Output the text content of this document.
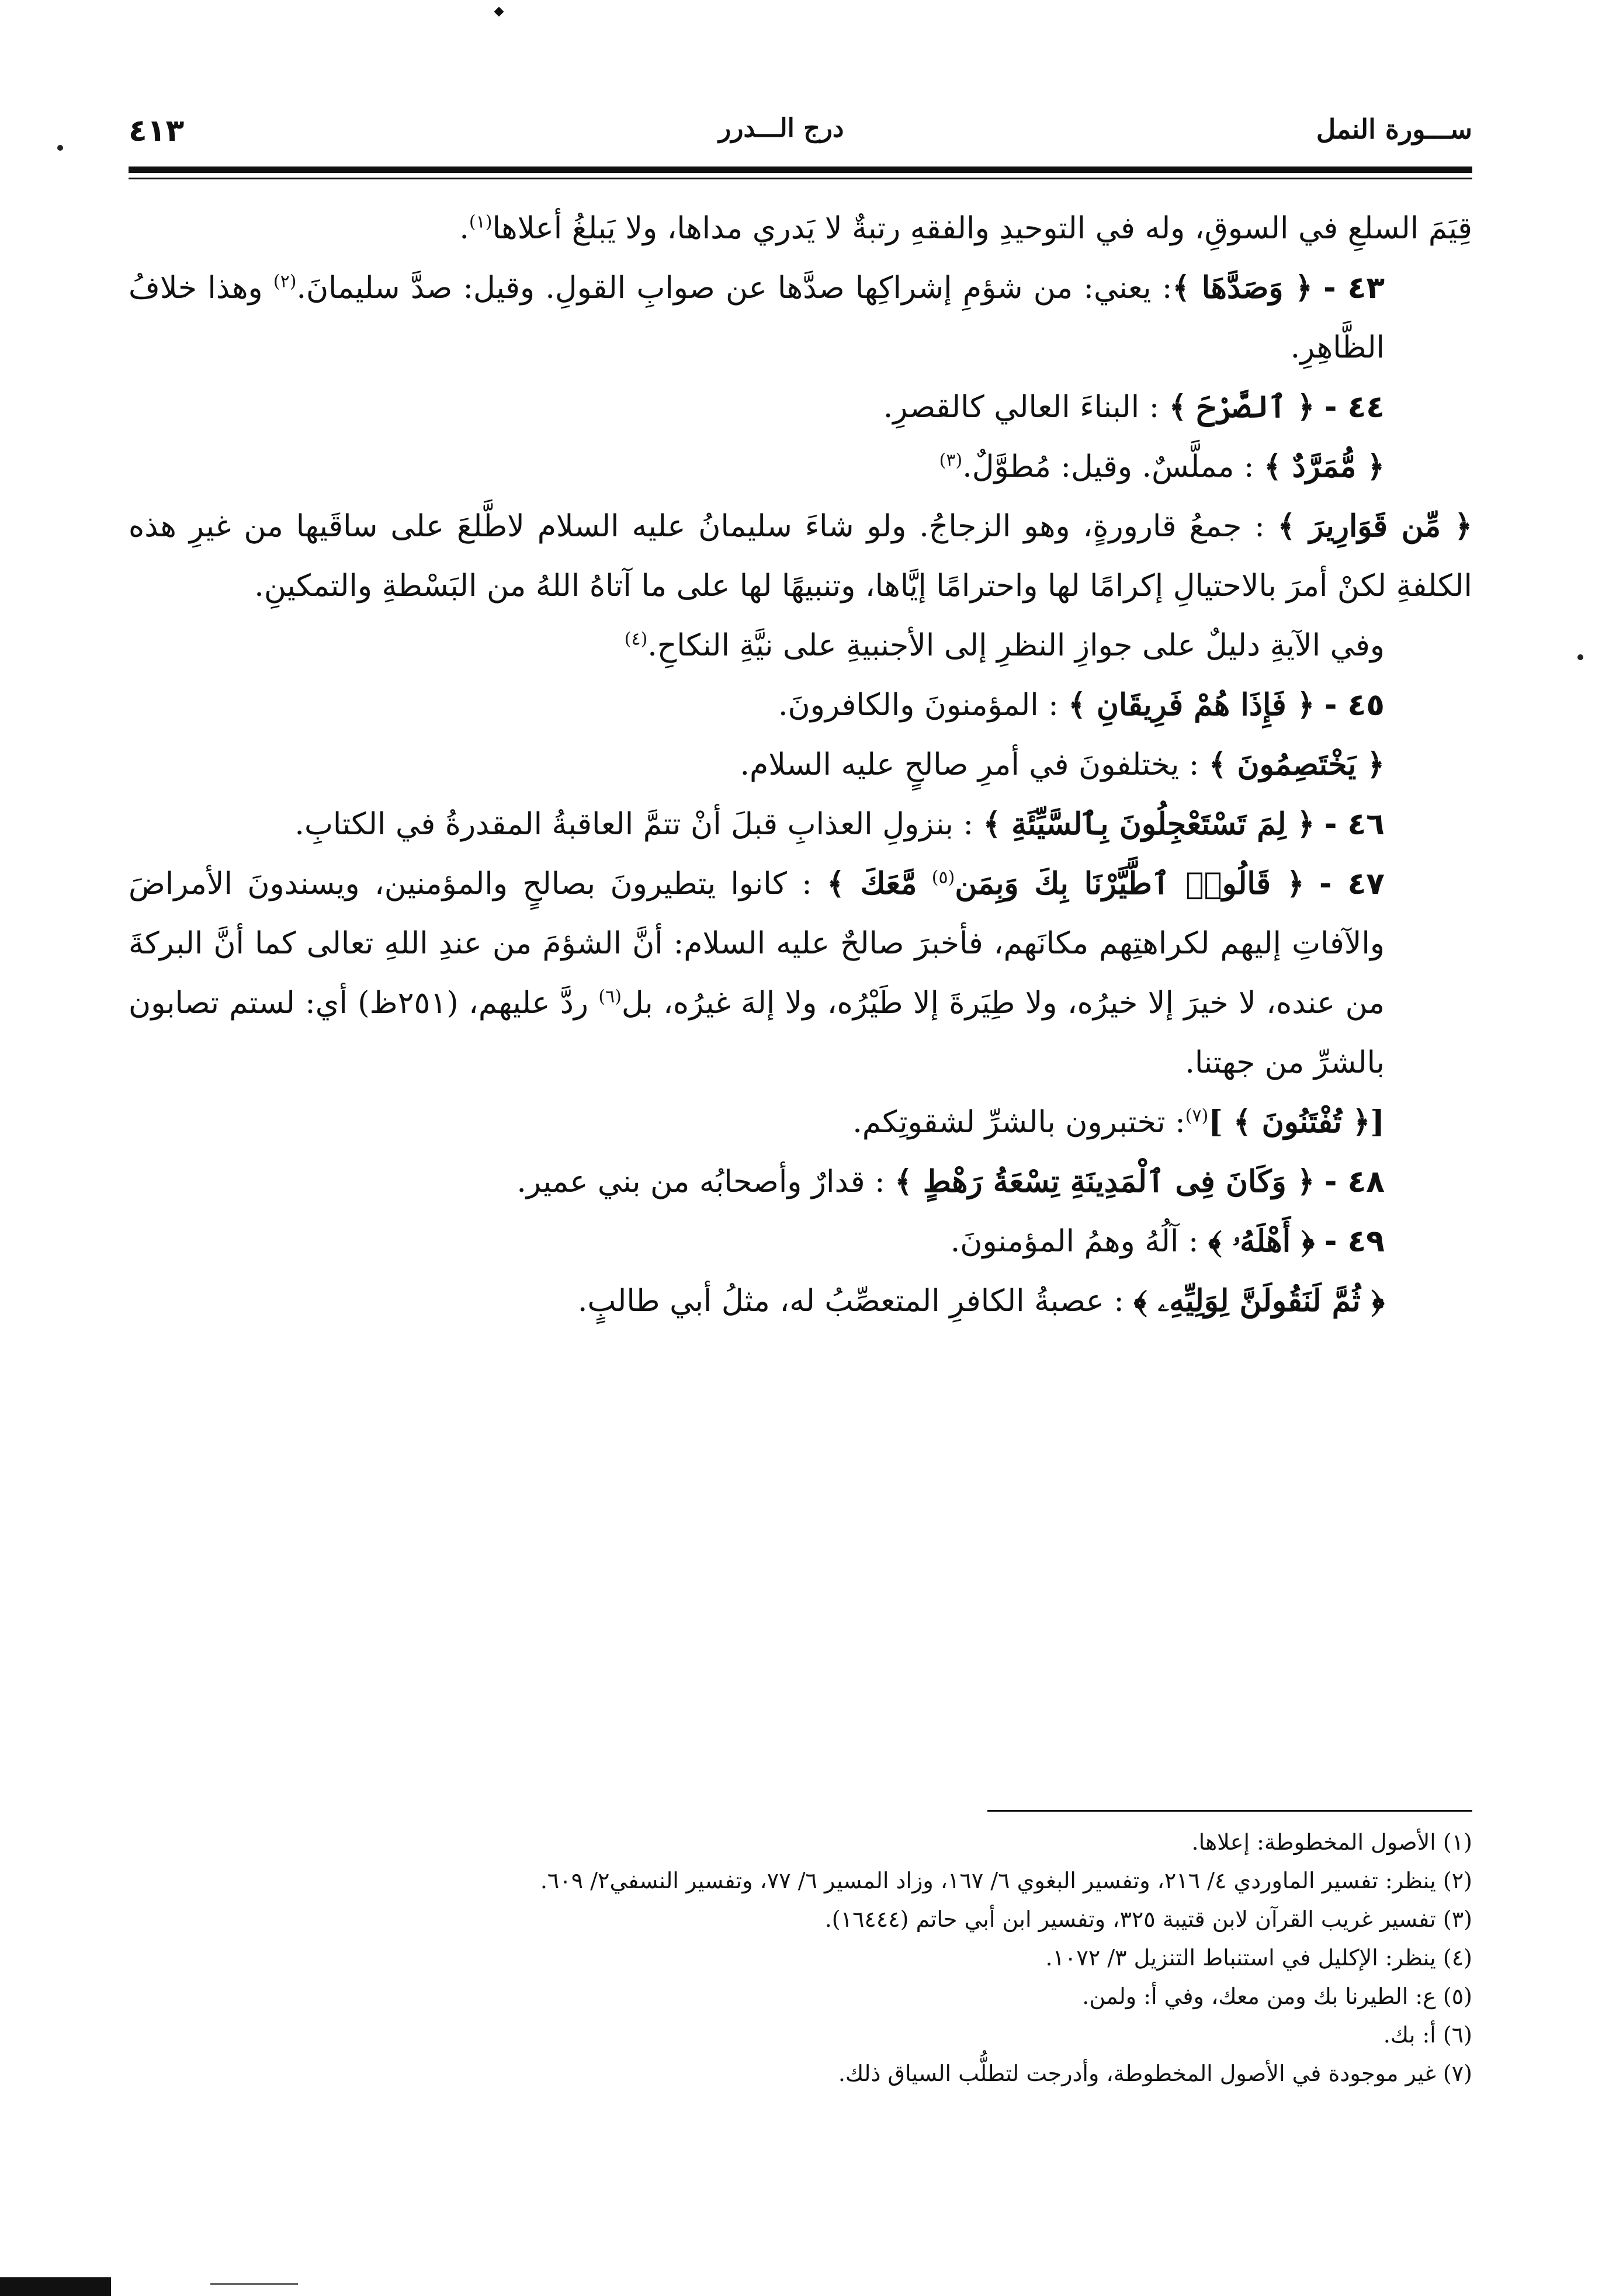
ســـورة النمل
درج الـــدرر
٤١٣

قِيَمَ السلعِ في السوقِ، وله في التوحيدِ والفقهِ رتبةٌ لا يَدري مداها، ولا يَبلغُ أعلاها$^{(١)}$.

٤٣ - ﴿ وَصَدَّهَا ﴾: يعني: من شؤمِ إشراكِها صدَّها عن صوابِ القولِ. وقيل: صدَّ سليمانَ.$^{(٢)}$ وهذا خلافُ الظَّاهِرِ.

٤٤ - ﴿ ٱلصَّرْحَ ﴾ : البناءَ العالي كالقصرِ.

﴿ مُّمَرَّدٌ ﴾ : مملَّسٌ. وقيل: مُطوَّلٌ.$^{(٣)}$

﴿ مِّن قَوَارِيرَ ﴾ : جمعُ قارورةٍ، وهو الزجاجُ. ولو شاءَ سليمانُ عليه السلام لاطَّلعَ على ساقَيها من غيرِ هذه الكلفةِ لكنْ أمرَ بالاحتيالِ إكرامًا لها واحترامًا إيَّاها، وتنبيهًا لها على ما آتاهُ اللهُ من البَسْطةِ والتمكينِ.

وفي الآيةِ دليلٌ على جوازِ النظرِ إلى الأجنبيةِ على نيَّةِ النكاحِ.$^{(٤)}$

٤٥ - ﴿ فَإِذَا هُمْ فَرِيقَانِ ﴾ : المؤمنونَ والكافرونَ.

﴿ يَخْتَصِمُونَ ﴾ : يختلفونَ في أمرِ صالحٍ عليه السلام.

٤٦ - ﴿ لِمَ تَسْتَعْجِلُونَ بِٱلسَّيِّئَةِ ﴾ : بنزولِ العذابِ قبلَ أنْ تتمَّ العاقبةُ المقدرةُ في الكتابِ.

٤٧ - ﴿ قَالُوا۟ ٱطَّيَّرْنَا بِكَ وَبِمَن$^{(٥)}$ مَّعَكَ ﴾ : كانوا يتطيرونَ بصالحٍ والمؤمنين، ويسندونَ الأمراضَ والآفاتِ إليهم لكراهتِهم مكانَهم، فأخبرَ صالحٌ عليه السلام: أنَّ الشؤمَ من عندِ اللهِ تعالى كما أنَّ البركةَ من عنده، لا خيرَ إلا خيرُه، ولا طِيَرةَ إلا طَيْرُه، ولا إلهَ غيرُه، بل$^{(٦)}$ ردَّ عليهم، (٢٥١ظ) أي: لستم تصابون بالشرِّ من جهتنا.

[﴿ تُفْتَنُونَ ﴾ ]$^{(٧)}$: تختبرون بالشرِّ لشقوتِكم.

٤٨ - ﴿ وَكَانَ فِى ٱلْمَدِينَةِ تِسْعَةُ رَهْطٍ ﴾ : قدارٌ وأصحابُه من بني عمير.

٤٩ - ﴿ أَهْلَهُۥ ﴾ : آلُهُ وهمُ المؤمنونَ.

﴿ ثُمَّ لَنَقُولَنَّ لِوَلِيِّهِۦ ﴾ : عصبةُ الكافرِ المتعصِّبُ له، مثلُ أبي طالبٍ.

(١) الأصول المخطوطة: إعلاها.

(٢) ينظر: تفسير الماوردي ٤/ ٢١٦، وتفسير البغوي ٦/ ١٦٧، وزاد المسير ٦/ ٧٧، وتفسير النسفي٢/ ٦٠٩.

(٣) تفسير غريب القرآن لابن قتيبة ٣٢٥، وتفسير ابن أبي حاتم (١٦٤٤٤).

(٤) ينظر: الإكليل في استنباط التنزيل ٣/ ١٠٧٢.

(٥) ع: الطيرنا بك ومن معك، وفي أ: ولمن.

(٦) أ: بك.

(٧) غير موجودة في الأصول المخطوطة، وأدرجت لتطلُّب السياق ذلك.
